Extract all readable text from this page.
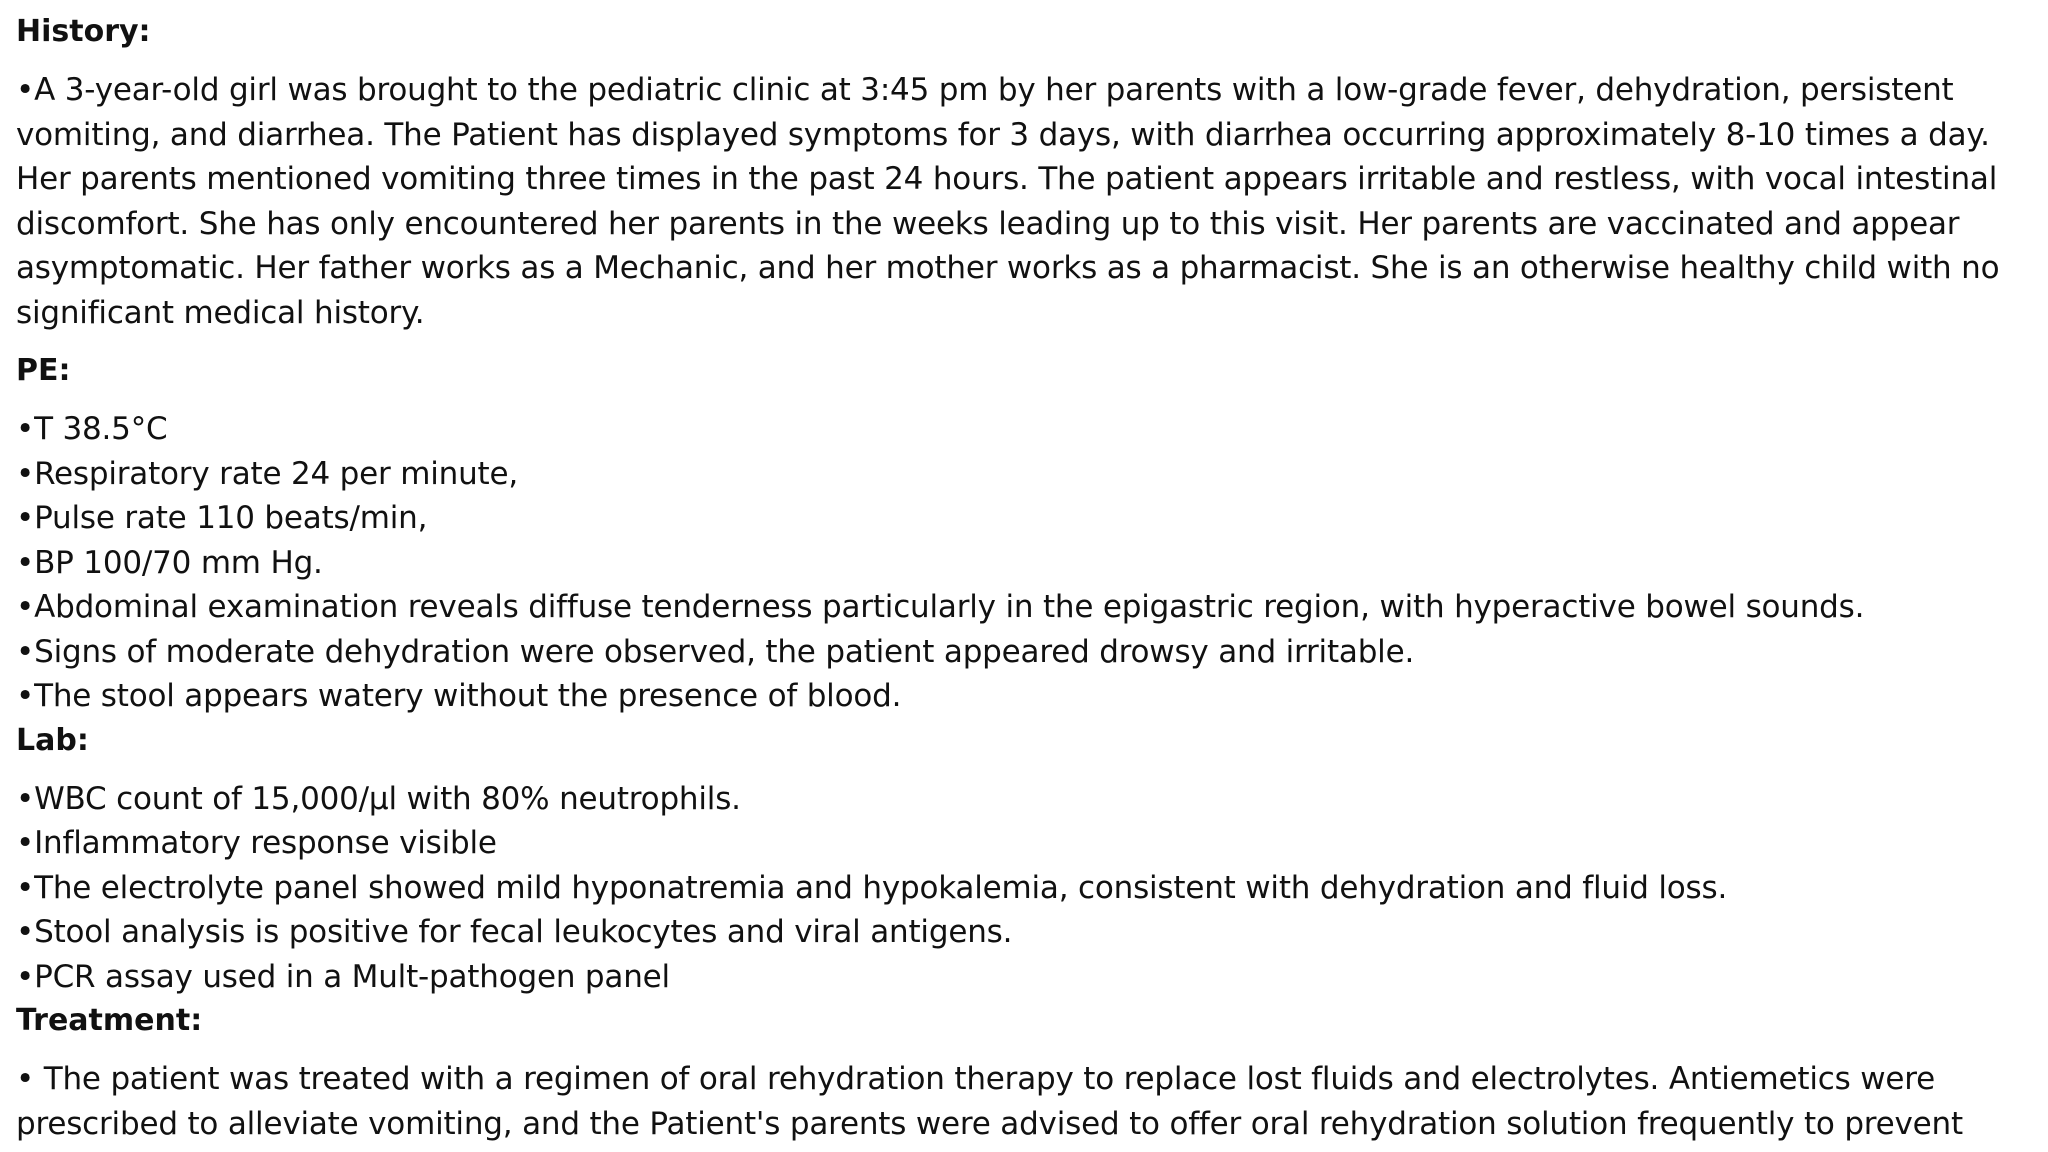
History:

•A 3-year-old girl was brought to the pediatric clinic at 3:45 pm by her parents with a low-grade fever, dehydration, persistent vomiting, and diarrhea. The Patient has displayed symptoms for 3 days, with diarrhea occurring approximately 8-10 times a day. Her parents mentioned vomiting three times in the past 24 hours. The patient appears irritable and restless, with vocal intestinal discomfort. She has only encountered her parents in the weeks leading up to this visit. Her parents are vaccinated and appear asymptomatic. Her father works as a Mechanic, and her mother works as a pharmacist. She is an otherwise healthy child with no significant medical history.

PE:

•T 38.5°C
•Respiratory rate 24 per minute,
•Pulse rate 110 beats/min,
•BP 100/70 mm Hg.
•Abdominal examination reveals diffuse tenderness particularly in the epigastric region, with hyperactive bowel sounds.
•Signs of moderate dehydration were observed, the patient appeared drowsy and irritable.
•The stool appears watery without the presence of blood.

Lab:

•WBC count of 15,000/μl with 80% neutrophils.
•Inflammatory response visible
•The electrolyte panel showed mild hyponatremia and hypokalemia, consistent with dehydration and fluid loss.
•Stool analysis is positive for fecal leukocytes and viral antigens.
•PCR assay used in a Mult-pathogen panel

Treatment:

• The patient was treated with a regimen of oral rehydration therapy to replace lost fluids and electrolytes. Antiemetics were prescribed to alleviate vomiting, and the Patient's parents were advised to offer oral rehydration solution frequently to prevent
